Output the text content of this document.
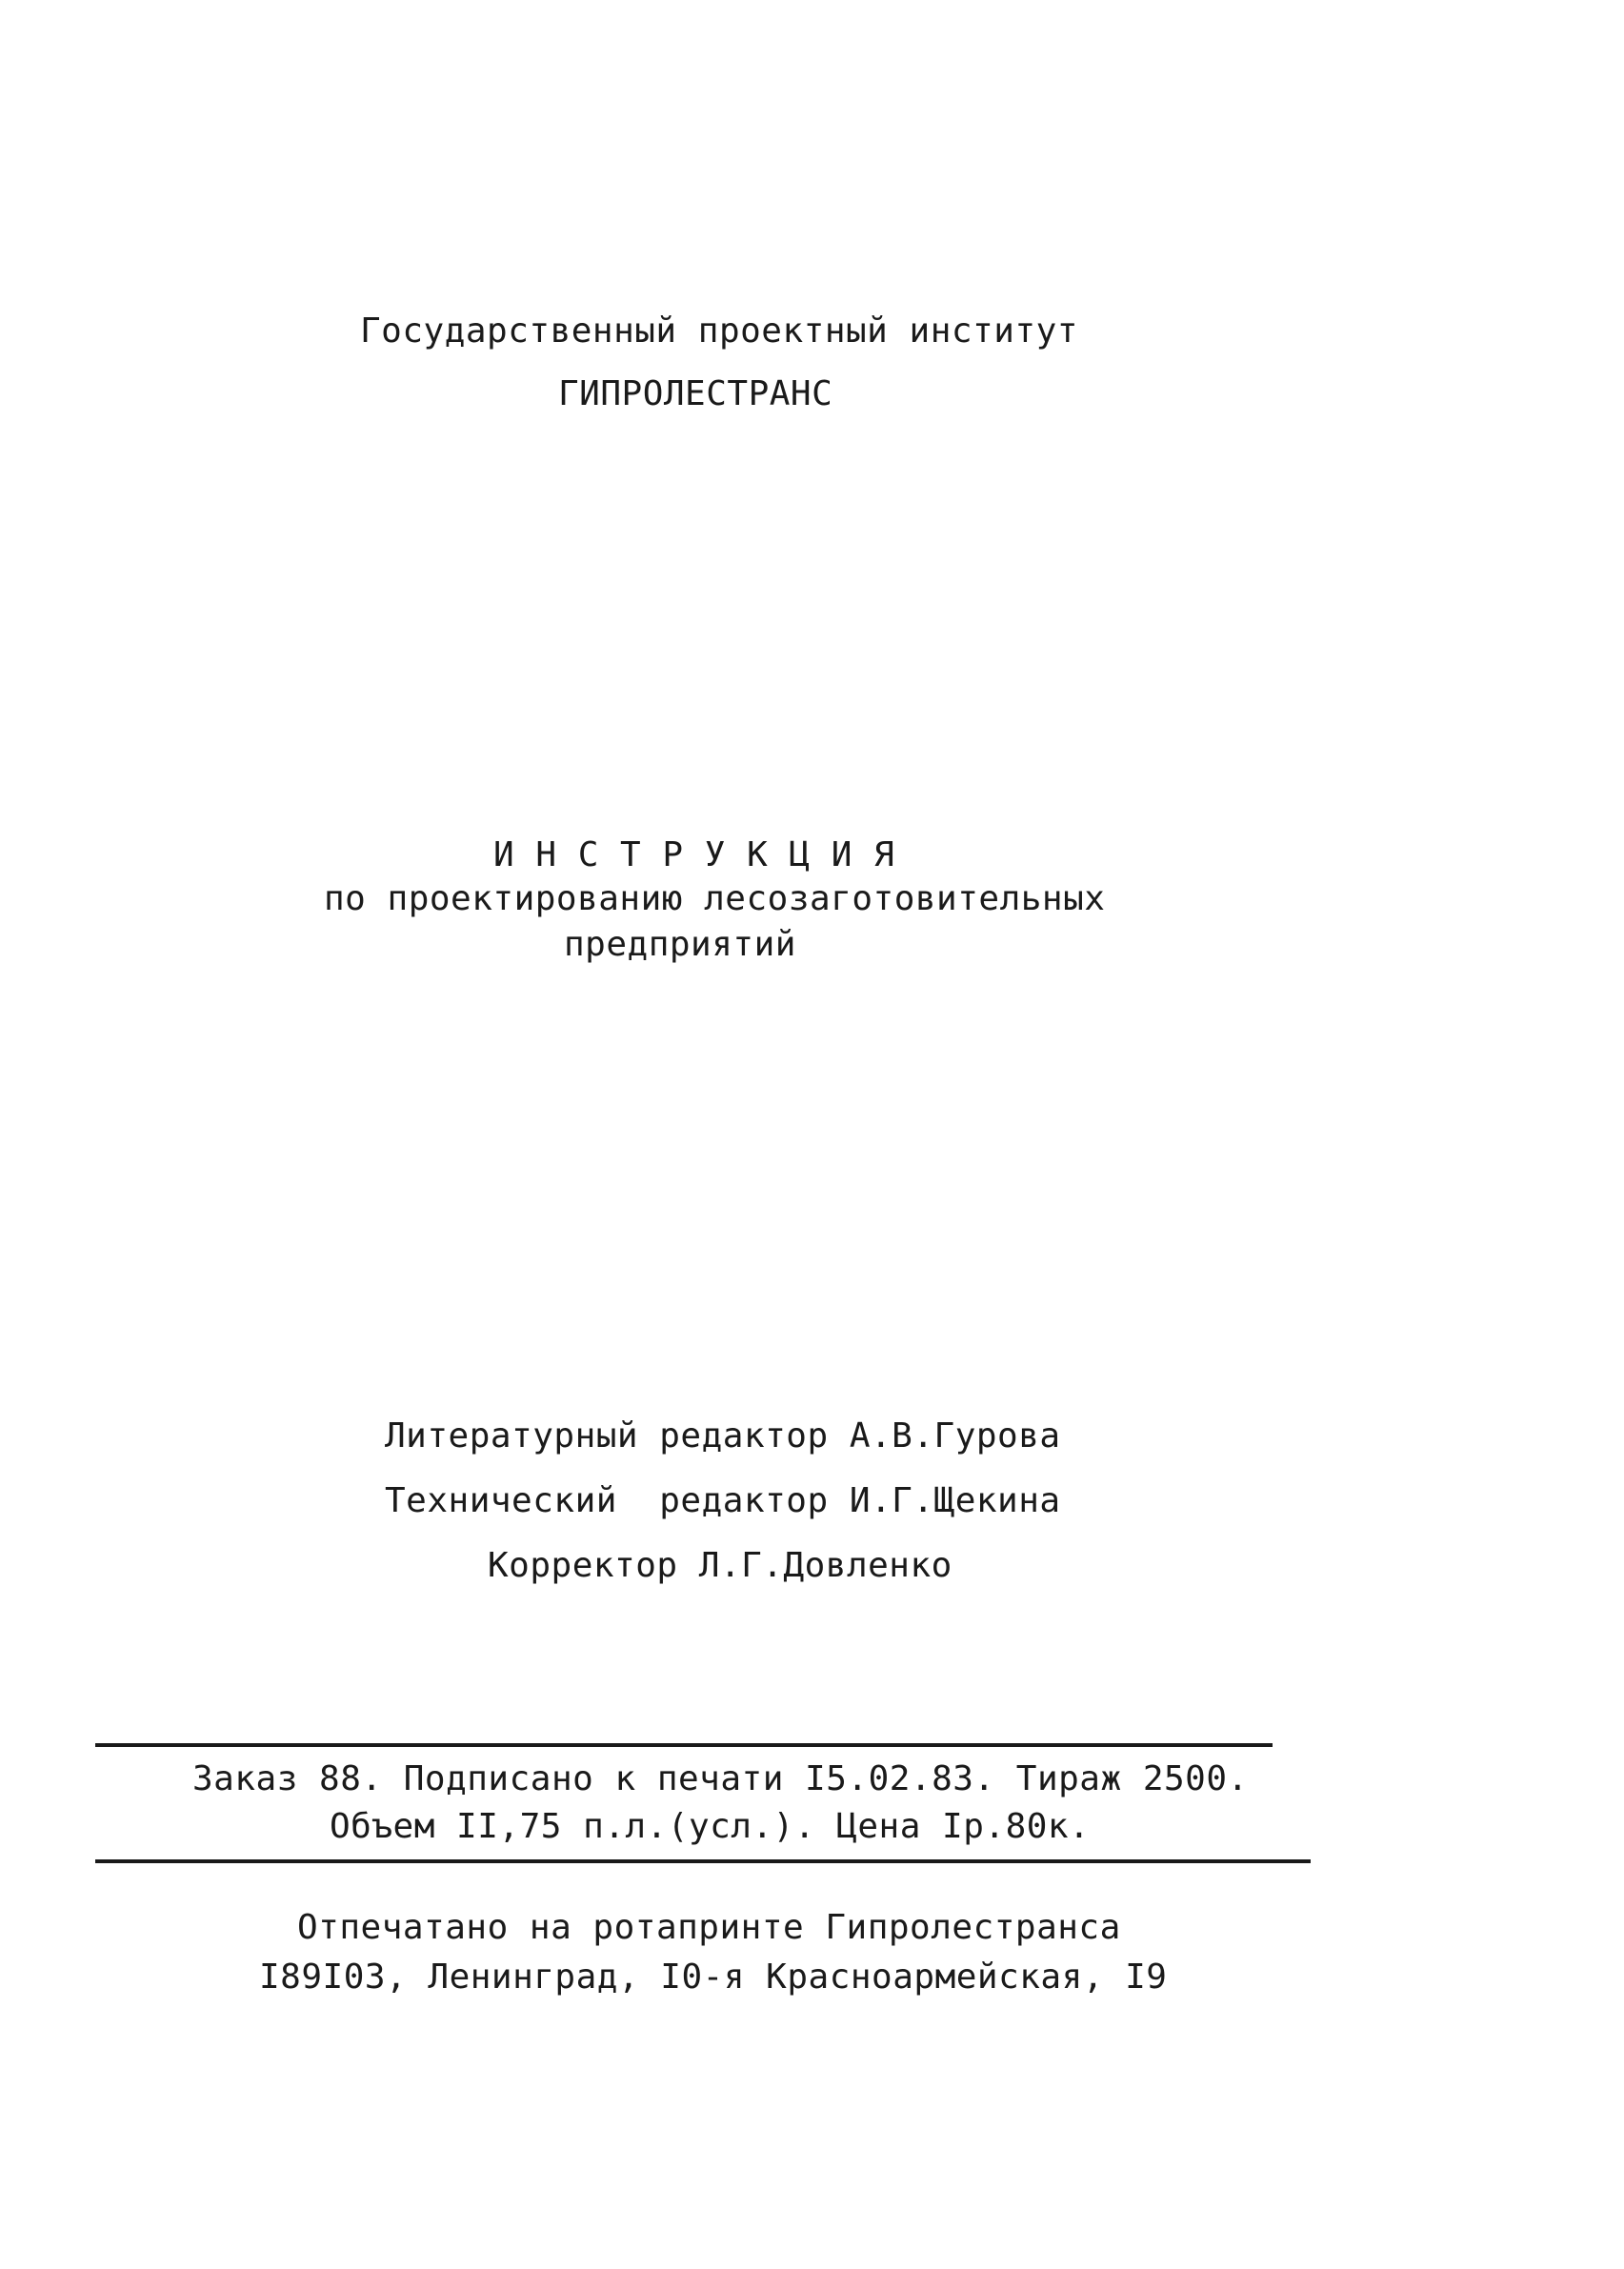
Государственный проектный институт
ГИПРОЛЕСТРАНС
И Н С Т Р У К Ц И Я
по проектированию лесозаготовительных
предприятий
Литературный редактор А.В.Гурова
Технический  редактор И.Г.Щекина
Корректор Л.Г.Довленко
Заказ 88. Подписано к печати I5.02.83. Тираж 2500.
Объем II,75 п.л.(усл.). Цена Iр.80к.
Отпечатано на ротапринте Гипролестранса
I89I03, Ленинград, I0-я Красноармейская, I9
